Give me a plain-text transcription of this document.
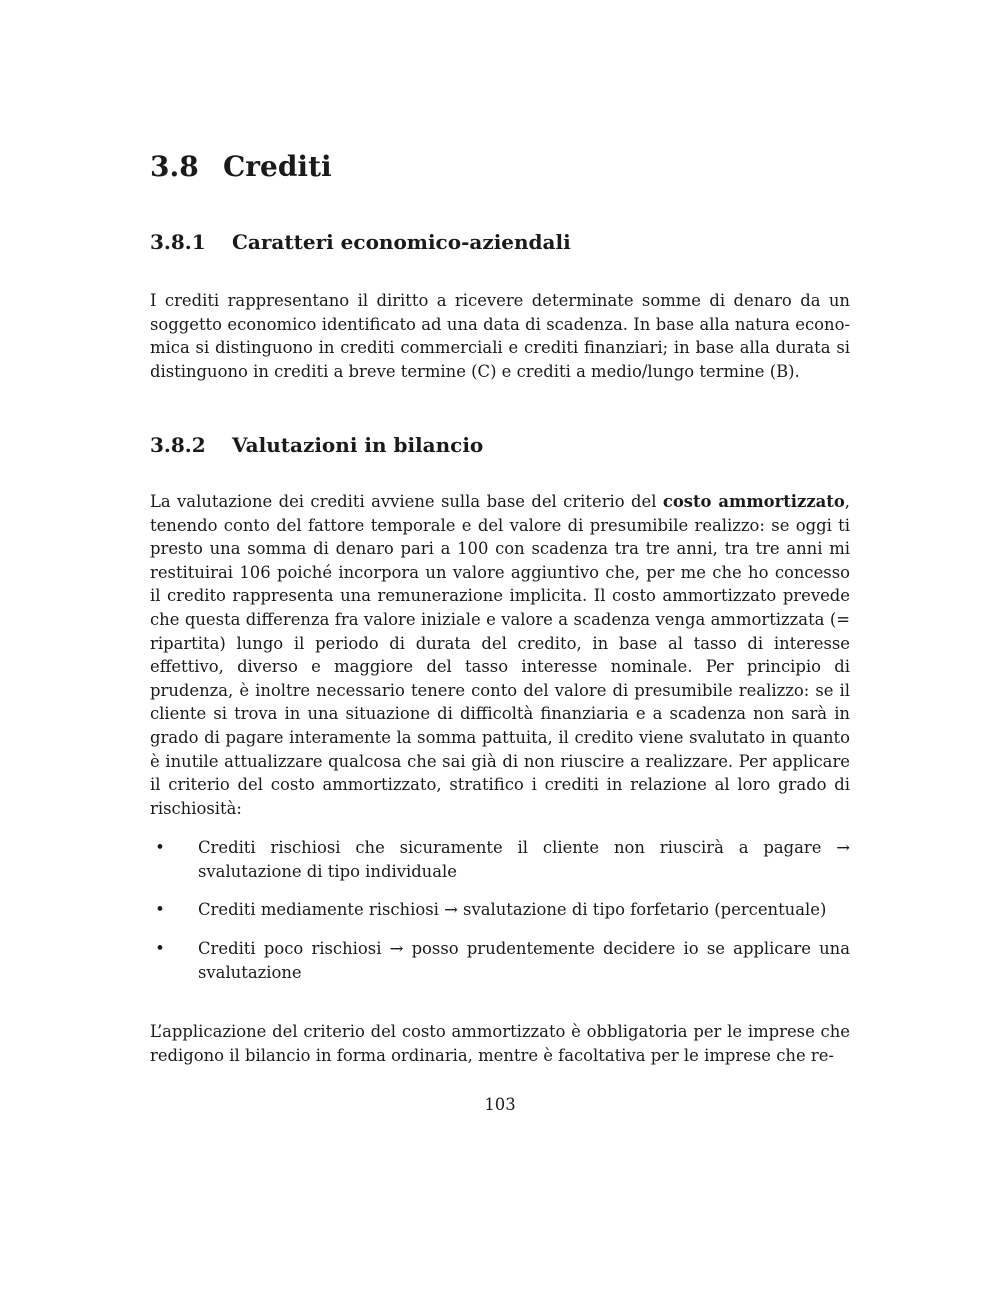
3.8 Crediti
3.8.1 Caratteri economico-aziendali

I crediti rappresentano il diritto a ricevere determinate somme di denaro da un soggetto economico identificato ad una data di scadenza. In base alla natura economica si distinguono in crediti commerciali e crediti finanziari; in base alla durata si distinguono in crediti a breve termine (C) e crediti a medio/lungo termine (B).

3.8.2 Valutazioni in bilancio

La valutazione dei crediti avviene sulla base del criterio del costo ammortizzato, tenendo conto del fattore temporale e del valore di presumibile realizzo: se oggi ti presto una somma di denaro pari a 100 con scadenza tra tre anni, tra tre anni mi restituirai 106 poiché incorpora un valore aggiuntivo che, per me che ho concesso il credito rappresenta una remunerazione implicita. Il costo ammortizzato prevede che questa differenza fra valore iniziale e valore a scadenza venga ammortizzata (= ripartita) lungo il periodo di durata del credito, in base al tasso di interesse effettivo, diverso e maggiore del tasso interesse nominale. Per principio di prudenza, è inoltre necessario tenere conto del valore di presumibile realizzo: se il cliente si trova in una situazione di difficoltà finanziaria e a scadenza non sarà in grado di pagare interamente la somma pattuita, il credito viene svalutato in quanto è inutile attualizzare qualcosa che sai già di non riuscire a realizzare. Per applicare il criterio del costo ammortizzato, stratifico i crediti in relazione al loro grado di rischiosità:

•	Crediti rischiosi che sicuramente il cliente non riuscirà a pagare → svalutazione di tipo individuale
•	Crediti mediamente rischiosi → svalutazione di tipo forfetario (percentuale)
•	Crediti poco rischiosi → posso prudentemente decidere io se applicare una svalutazione

L’applicazione del criterio del costo ammortizzato è obbligatoria per le imprese che redigono il bilancio in forma ordinaria, mentre è facoltativa per le imprese che re-

103
